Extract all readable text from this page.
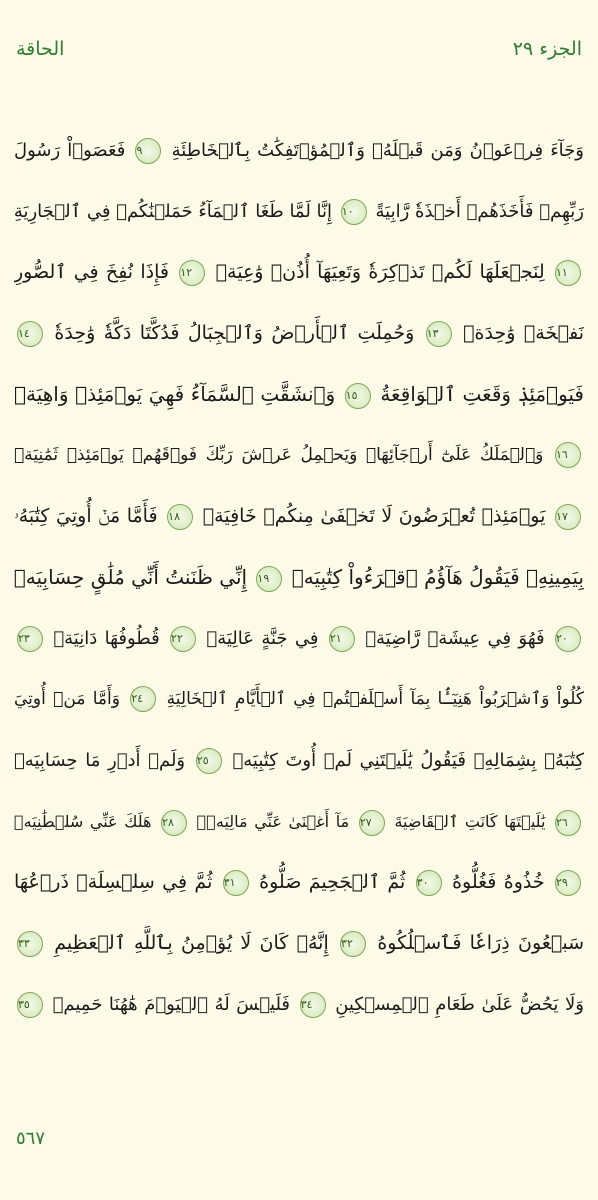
الحاقة	الجزء ٢٩
وَجَآءَ فِرۡعَوۡنُ وَمَن قَبۡلَهُۥ وَٱلۡمُؤۡتَفِكَٰتُ بِٱلۡخَاطِئَةِ ٩ فَعَصَوۡاْ رَسُولَ
رَبِّهِمۡ فَأَخَذَهُمۡ أَخۡذَةٗ رَّابِيَةً ١٠ إِنَّا لَمَّا طَغَا ٱلۡمَآءُ حَمَلۡنَٰكُمۡ فِي ٱلۡجَارِيَةِ
١١ لِنَجۡعَلَهَا لَكُمۡ تَذۡكِرَةٗ وَتَعِيَهَآ أُذُنٞ وَٰعِيَةٞ ١٢ فَإِذَا نُفِخَ فِي ٱلصُّورِ
نَفۡخَةٞ وَٰحِدَةٞ ١٣ وَحُمِلَتِ ٱلۡأَرۡضُ وَٱلۡجِبَالُ فَدُكَّتَا دَكَّةٗ وَٰحِدَةٗ ١٤
فَيَوۡمَئِذٖ وَقَعَتِ ٱلۡوَاقِعَةُ ١٥ وَٱنشَقَّتِ ٱلسَّمَآءُ فَهِيَ يَوۡمَئِذٖ وَاهِيَةٞ
١٦ وَٱلۡمَلَكُ عَلَىٰٓ أَرۡجَآئِهَاۚ وَيَحۡمِلُ عَرۡشَ رَبِّكَ فَوۡقَهُمۡ يَوۡمَئِذٖ ثَمَٰنِيَةٞ
١٧ يَوۡمَئِذٖ تُعۡرَضُونَ لَا تَخۡفَىٰ مِنكُمۡ خَافِيَةٞ ١٨ فَأَمَّا مَنۡ أُوتِيَ كِتَٰبَهُۥ
بِيَمِينِهِۦ فَيَقُولُ هَآؤُمُ ٱقۡرَءُواْ كِتَٰبِيَهۡ ١٩ إِنِّي ظَنَنتُ أَنِّي مُلَٰقٍ حِسَابِيَهۡ
٢٠ فَهُوَ فِي عِيشَةٖ رَّاضِيَةٖ ٢١ فِي جَنَّةٍ عَالِيَةٖ ٢٢ قُطُوفُهَا دَانِيَةٞ ٢٣
كُلُواْ وَٱشۡرَبُواْ هَنِيٓـَٔۢا بِمَآ أَسۡلَفۡتُمۡ فِي ٱلۡأَيَّامِ ٱلۡخَالِيَةِ ٢٤ وَأَمَّا مَنۡ أُوتِيَ
كِتَٰبَهُۥ بِشِمَالِهِۦ فَيَقُولُ يَٰلَيۡتَنِي لَمۡ أُوتَ كِتَٰبِيَهۡ ٢٥ وَلَمۡ أَدۡرِ مَا حِسَابِيَهۡ
٢٦ يَٰلَيۡتَهَا كَانَتِ ٱلۡقَاضِيَةَ ٢٧ مَآ أَغۡنَىٰ عَنِّي مَالِيَهۡۜ ٢٨ هَلَكَ عَنِّي سُلۡطَٰنِيَهۡ
٢٩ خُذُوهُ فَغُلُّوهُ ٣٠ ثُمَّ ٱلۡجَحِيمَ صَلُّوهُ ٣١ ثُمَّ فِي سِلۡسِلَةٖ ذَرۡعُهَا
سَبۡعُونَ ذِرَاعٗا فَٱسۡلُكُوهُ ٣٢ إِنَّهُۥ كَانَ لَا يُؤۡمِنُ بِٱللَّهِ ٱلۡعَظِيمِ ٣٣
وَلَا يَحُضُّ عَلَىٰ طَعَامِ ٱلۡمِسۡكِينِ ٣٤ فَلَيۡسَ لَهُ ٱلۡيَوۡمَ هَٰهُنَا حَمِيمٞ ٣٥
٥٦٧
